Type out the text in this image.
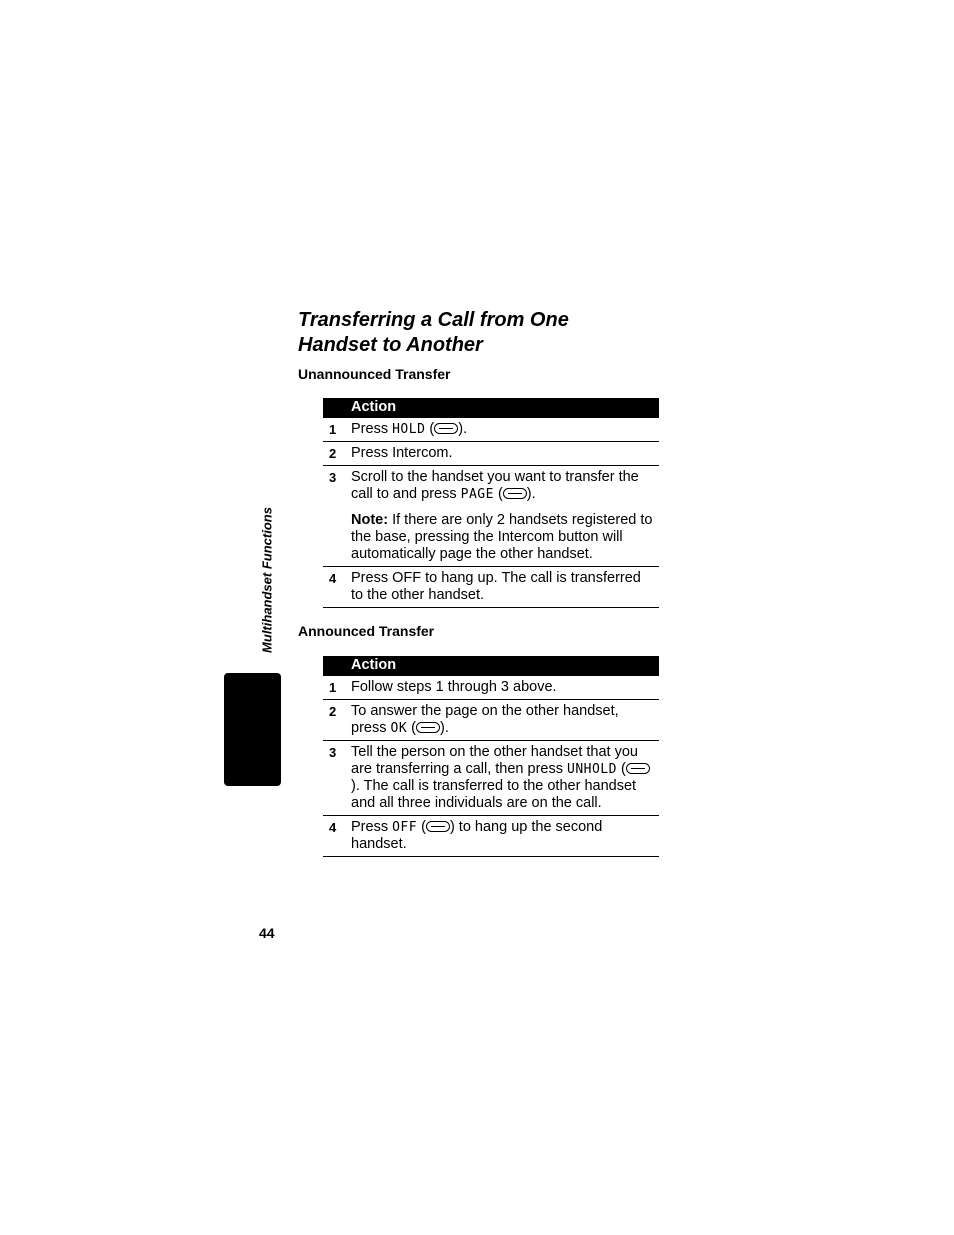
Multihandset Functions
Transferring a Call from One
Handset to Another
Unannounced Transfer
Action	
1	Press HOLD ( ).
2	Press Intercom.
3	Scroll to the handset you want to transfer the call to and press PAGE ( ).
Note: If there are only 2 handsets registered to the base, pressing the Intercom button will automatically page the other handset.

4	Press OFF to hang up. The call is transferred to the other handset.
Announced Transfer
Action	
1	Follow steps 1 through 3 above.
2	To answer the page on the other handset, press OK ( ).
3	Tell the person on the other handset that you are transferring a call, then press UNHOLD (). The call is transferred to the other handset and all three individuals are on the call.
4	Press OFF ( ) to hang up the second handset.
44
